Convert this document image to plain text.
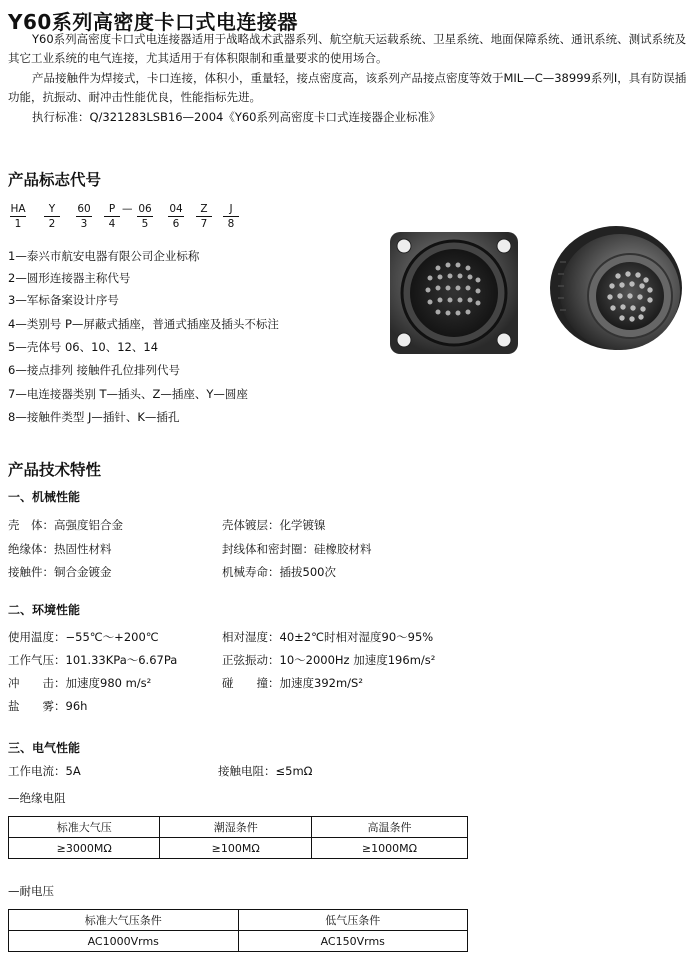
Y60系列高密度卡口式电连接器
Y60系列高密度卡口式电连接器适用于战略战术武器系列、航空航天运载系统、卫星系统、地面保障系统、通讯系统、测试系统及其它工业系统的电气连接，尤其适用于有体积限制和重量要求的使用场合。
产品接触件为焊接式，卡口连接，体积小，重量轻，接点密度高，该系列产品接点密度等效于MIL—C—38999系列Ⅰ，具有防误插功能，抗振动、耐冲击性能优良，性能指标先进。
执行标准：Q/321283LSB16—2004《Y60系列高密度卡口式连接器企业标准》
产品标志代号
HA
1
Y
2
60
3
P
4
— 06
5
04
6
Z
7
J
8
1—泰兴市航安电器有限公司企业标称
2—圆形连接器主称代号
3—军标备案设计序号
4—类别号 P—屏蔽式插座，普通式插座及插头不标注
5—壳体号 06、10、12、14
6—接点排列 接触件孔位排列代号
7—电连接器类别 T—插头、Z—插座、Y—圆座
8—接触件类型 J—插针、K—插孔
产品技术特性
一、机械性能
壳　体：高强度铝合金	壳体镀层：化学镀镍
绝缘体：热固性材料	封线体和密封圈：硅橡胶材料
接触件：铜合金镀金	机械寿命：插拔500次
二、环境性能
使用温度：−55℃～+200℃	相对湿度：40±2℃时相对湿度90～95%
工作气压：101.33KPa～6.67Pa	正弦振动：10～2000Hz 加速度196m/s²
冲　　击：加速度980 m/s²	碰　　撞：加速度392m/S²
盐　　雾：96h
三、电气性能
工作电流：5A	接触电阻：≤5mΩ
—绝缘电阻
标准大气压	潮湿条件	高温条件
≥3000MΩ	≥100MΩ	≥1000MΩ
—耐电压
标准大气压条件	低气压条件
AC1000Vrms	AC150Vrms
